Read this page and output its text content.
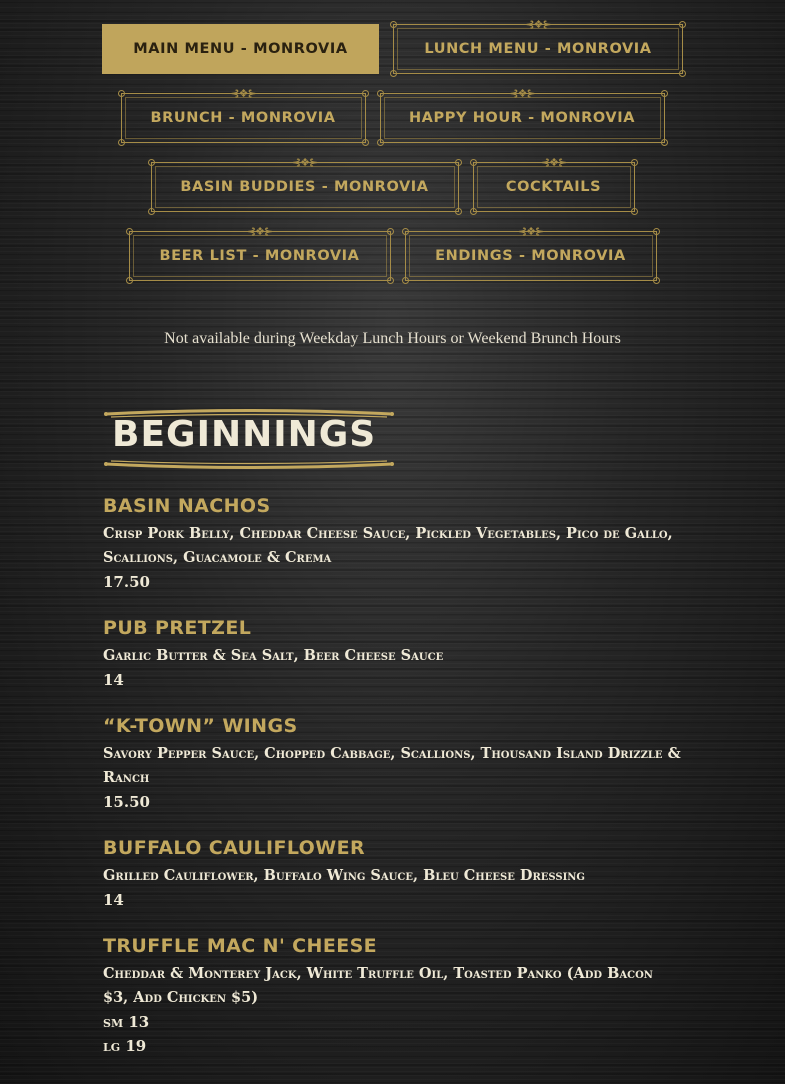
MAIN MENU - MONROVIA
⊰❖⊱
LUNCH MENU - MONROVIA
⊰❖⊱
BRUNCH - MONROVIA
⊰❖⊱
HAPPY HOUR - MONROVIA
⊰❖⊱
BASIN BUDDIES - MONROVIA
⊰❖⊱
COCKTAILS
⊰❖⊱
BEER LIST - MONROVIA
⊰❖⊱
ENDINGS - MONROVIA
Not available during Weekday Lunch Hours or Weekend Brunch Hours
BEGINNINGS
BASIN NACHOS
Crisp Pork Belly, Cheddar Cheese Sauce, Pickled Vegetables, Pico de Gallo, Scallions, Guacamole & Crema
17.50
PUB PRETZEL
Garlic Butter & Sea Salt, Beer Cheese Sauce
14
“K-TOWN” WINGS
Savory Pepper Sauce, Chopped Cabbage, Scallions, Thousand Island Drizzle & Ranch
15.50
BUFFALO CAULIFLOWER
Grilled Cauliflower, Buffalo Wing Sauce, Bleu Cheese Dressing
14
TRUFFLE MAC N' CHEESE
Cheddar & Monterey Jack, White Truffle Oil, Toasted Panko (Add Bacon $3, Add Chicken $5)
sm 13
lg 19
